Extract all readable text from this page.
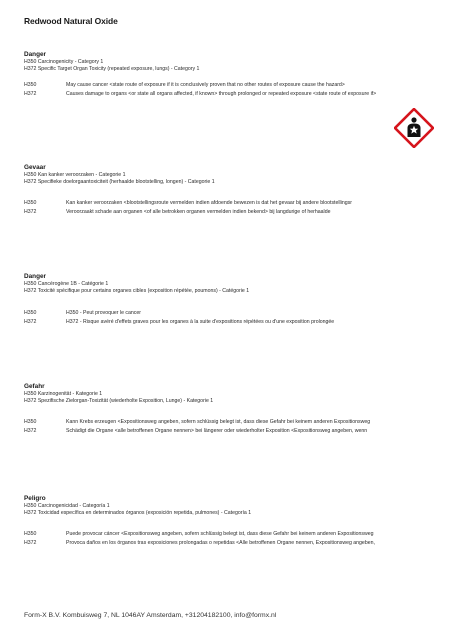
Redwood Natural Oxide
Danger
H350 Carcinogenicity - Category 1
H372 Specific Target Organ Toxicity (repeated exposure, lungs) - Category 1
H350	May cause cancer <state route of exposure if it is conclusively proven that no other routes of exposure cause the hazard>
H372	Causes damage to organs <or state all organs affected, if known> through prolonged or repeated exposure <state route of exposure if>
Gevaar
H350 Kan kanker veroorzaken - Categorie 1
H372 Specifieke doelorgaantoxiciteit (herhaalde blootstelling, longen) - Categorie 1
H350	Kan kanker veroorzaken <blootstellingsroute vermelden indien afdoende bewezen is dat het gevaar bij andere blootstellingsr
H372	Veroorzaakt schade aan organen <of alle betrokken organen vermelden indien bekend> bij langdurige of herhaalde
Danger
H350 Cancérogène 1B - Catégorie 1
H372 Toxicité spécifique pour certains organes cibles (exposition répétée, poumons) - Catégorie 1
H350	H350 - Peut provoquer le cancer
H372	H372 - Risque avéré d'effets graves pour les organes à la suite d'expositions répétées ou d'une exposition prolongée
Gefahr
H350 Karzinogenität - Kategorie 1
H372 Spezifische Zielorgan-Toxizität (wiederholte Exposition, Lunge) - Kategorie 1
H350	Kann Krebs erzeugen <Expositionsweg angeben, sofern schlüssig belegt ist, dass diese Gefahr bei keinem anderen Expositionsweg
H372	Schädigt die Organe <alle betroffenen Organe nennen> bei längerer oder wiederholter Exposition <Expositionsweg angeben, wenn
Peligro
H350 Carcinogenicidad - Categoría 1
H372 Toxicidad específica en determinados órganos (exposición repetida, pulmones) - Categoría 1
H350	Puede provocar cáncer <Expositionsweg angeben, sofern schlüssig belegt ist, dass diese Gefahr bei keinem anderen Expositionsweg
H372	Provoca daños en los órganos tras exposiciones prolongadas o repetidas <Alle betroffenen Organe nennen, Expositionsweg angeben,
Form-X B.V. Kombuisweg 7, NL 1046AY Amsterdam, +31204182100, info@formx.nl
